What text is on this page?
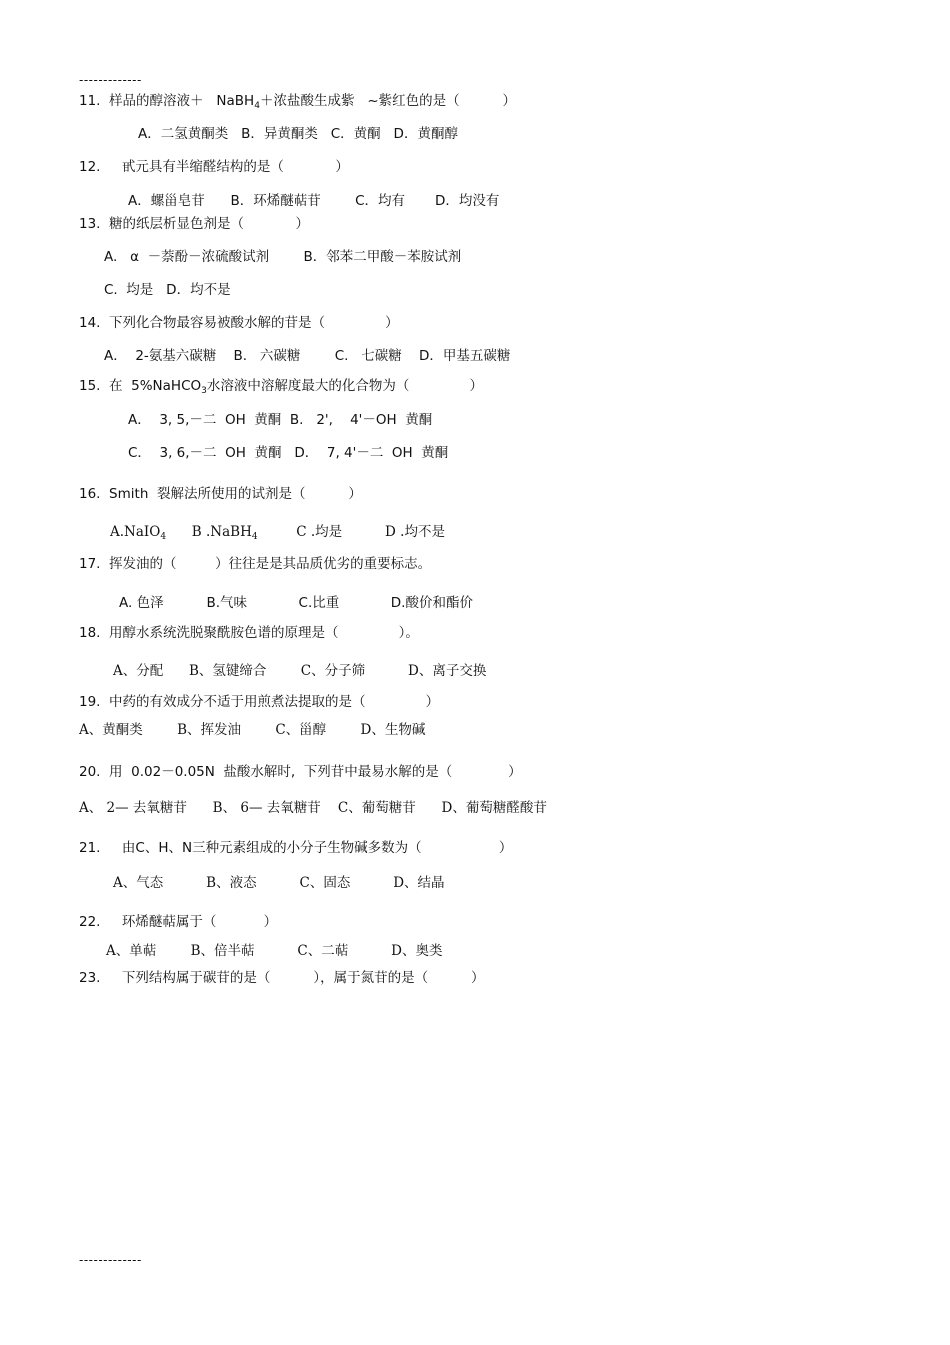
-------------
11.  样品的醇溶液＋   NaBH$_4$＋浓盐酸生成紫   ~紫红色的是（          ）
A．二氢黄酮类   B．异黄酮类   C．黄酮   D．黄酮醇
12.     甙元具有半缩醛结构的是（            ）
A．螺甾皂苷      B．环烯醚萜苷        C．均有       D．均没有
13.  糖的纸层析显色剂是（            ）
A.   α  －萘酚－浓硫酸试剂        B．邻苯二甲酸－苯胺试剂
C.  均是   D．均不是
14.  下列化合物最容易被酸水解的苷是（              ）
A．  2-氨基六碳糖    B.   六碳糖        C.   七碳糖    D．甲基五碳糖
15.  在  5%NaHCO$_3$水溶液中溶解度最大的化合物为（              ）
A．  3, 5,－二  OH  黄酮  B.   2',    4'－OH  黄酮
C．  3, 6,－二  OH  黄酮   D．  7, 4'－二  OH  黄酮
16.  Smith  裂解法所使用的试剂是（          ）
A.NaIO$_4$      B .NaBH$_4$         C .均是          D .均不是
17.  挥发油的（         ）往往是是其品质优劣的重要标志。
A. 色泽          B.气味            C.比重            D.酸价和酯价
18.  用醇水系统洗脱聚酰胺色谱的原理是（              ）。
A、分配      B、氢键缔合        C、分子筛          D、离子交换
19.  中药的有效成分不适于用煎煮法提取的是（              ）
A、黄酮类        B、挥发油        C、甾醇        D、生物碱
20.  用  0.02－0.05N  盐酸水解时,  下列苷中最易水解的是（             ）
A、 2— 去氧糖苷      B、 6— 去氧糖苷    C、葡萄糖苷      D、葡萄糖醛酸苷
21.     由C、H、N三种元素组成的小分子生物碱多数为（                  ）
A、气态          B、液态          C、固态          D、结晶
22.     环烯醚萜属于（           ）
A、单萜        B、倍半萜          C、二萜          D、奥类
23.     下列结构属于碳苷的是（          ），属于氮苷的是（          ）
-------------
